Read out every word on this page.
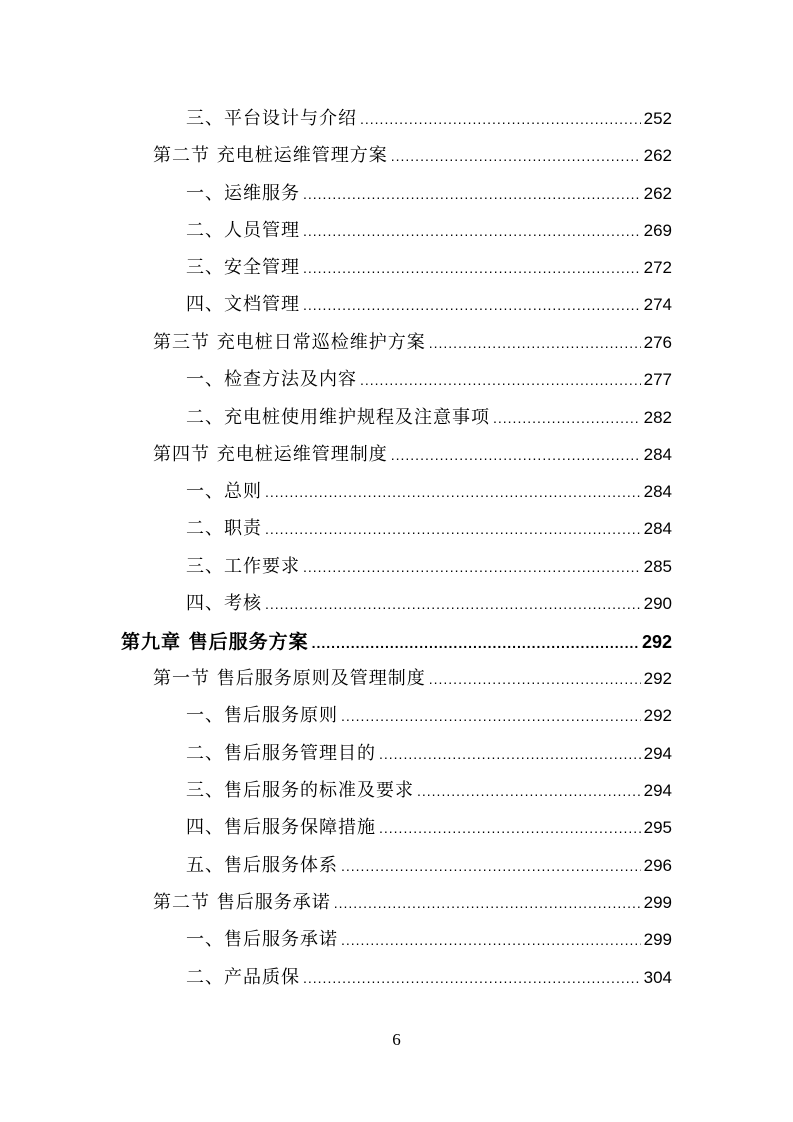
三、平台设计与介绍 .....	252
第二节 充电桩运维管理方案 .....	262
一、运维服务 .....	262
二、人员管理 .....	269
三、安全管理 .....	272
四、文档管理 .....	274
第三节 充电桩日常巡检维护方案 .....	276
一、检查方法及内容 .....	277
二、充电桩使用维护规程及注意事项 .....	282
第四节 充电桩运维管理制度 .....	284
一、总则 .....	284
二、职责 .....	284
三、工作要求 .....	285
四、考核 .....	290
第九章 售后服务方案 .....	292
第一节 售后服务原则及管理制度 .....	292
一、售后服务原则 .....	292
二、售后服务管理目的 .....	294
三、售后服务的标准及要求 .....	294
四、售后服务保障措施 .....	295
五、售后服务体系 .....	296
第二节 售后服务承诺 .....	299
一、售后服务承诺 .....	299
二、产品质保 .....	304
6
